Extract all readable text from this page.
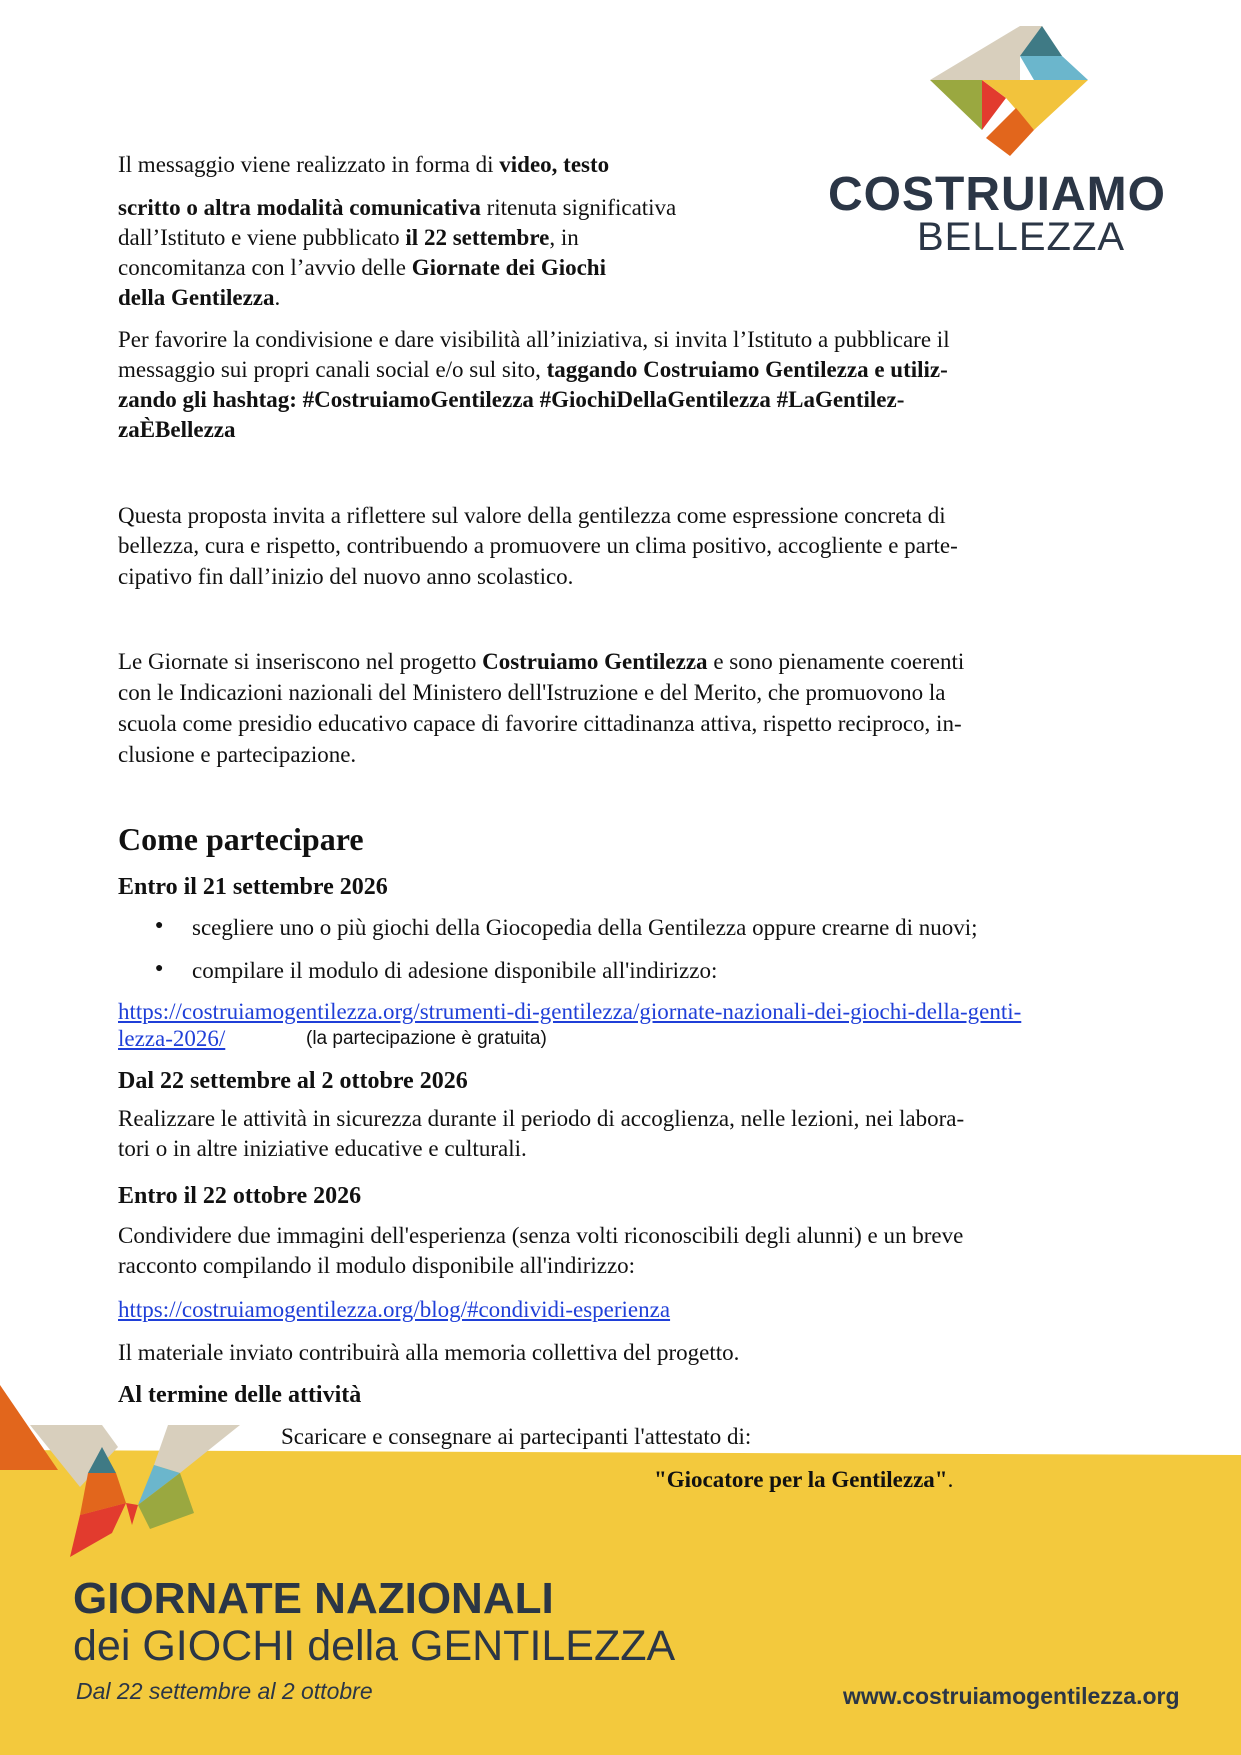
COSTRUIAMO
BELLEZZA
Il messaggio viene realizzato in forma di video, testo
scritto o altra modalità comunicativa ritenuta significativa
dall’Istituto e viene pubblicato il 22 settembre, in
concomitanza con l’avvio delle Giornate dei Giochi
della Gentilezza.
Per favorire la condivisione e dare visibilità all’iniziativa, si invita l’Istituto a pubblicare il
messaggio sui propri canali social e/o sul sito, taggando Costruiamo Gentilezza e utiliz-
zando gli hashtag: #CostruiamoGentilezza #GiochiDellaGentilezza #LaGentilez-
zaÈBellezza
Questa proposta invita a riflettere sul valore della gentilezza come espressione concreta di
bellezza, cura e rispetto, contribuendo a promuovere un clima positivo, accogliente e parte-
cipativo fin dall’inizio del nuovo anno scolastico.
Le Giornate si inseriscono nel progetto Costruiamo Gentilezza e sono pienamente coerenti
con le Indicazioni nazionali del Ministero dell'Istruzione e del Merito, che promuovono la
scuola come presidio educativo capace di favorire cittadinanza attiva, rispetto reciproco, in-
clusione e partecipazione.
Come partecipare
Entro il 21 settembre 2026
● scegliere uno o più giochi della Giocopedia della Gentilezza oppure crearne di nuovi;
● compilare il modulo di adesione disponibile all'indirizzo:
https://costruiamogentilezza.org/strumenti-di-gentilezza/giornate-nazionali-dei-giochi-della-genti-
lezza-2026/	(la partecipazione è gratuita)
Dal 22 settembre al 2 ottobre 2026
Realizzare le attività in sicurezza durante il periodo di accoglienza, nelle lezioni, nei labora-
tori o in altre iniziative educative e culturali.
Entro il 22 ottobre 2026
Condividere due immagini dell'esperienza (senza volti riconoscibili degli alunni) e un breve
racconto compilando il modulo disponibile all'indirizzo:
https://costruiamogentilezza.org/blog/#condividi-esperienza
Il materiale inviato contribuirà alla memoria collettiva del progetto.
Al termine delle attività
Scaricare e consegnare ai partecipanti l'attestato di:
"Giocatore per la Gentilezza".
GIORNATE NAZIONALI
dei GIOCHI della GENTILEZZA
Dal 22 settembre al 2 ottobre	www.costruiamogentilezza.org
